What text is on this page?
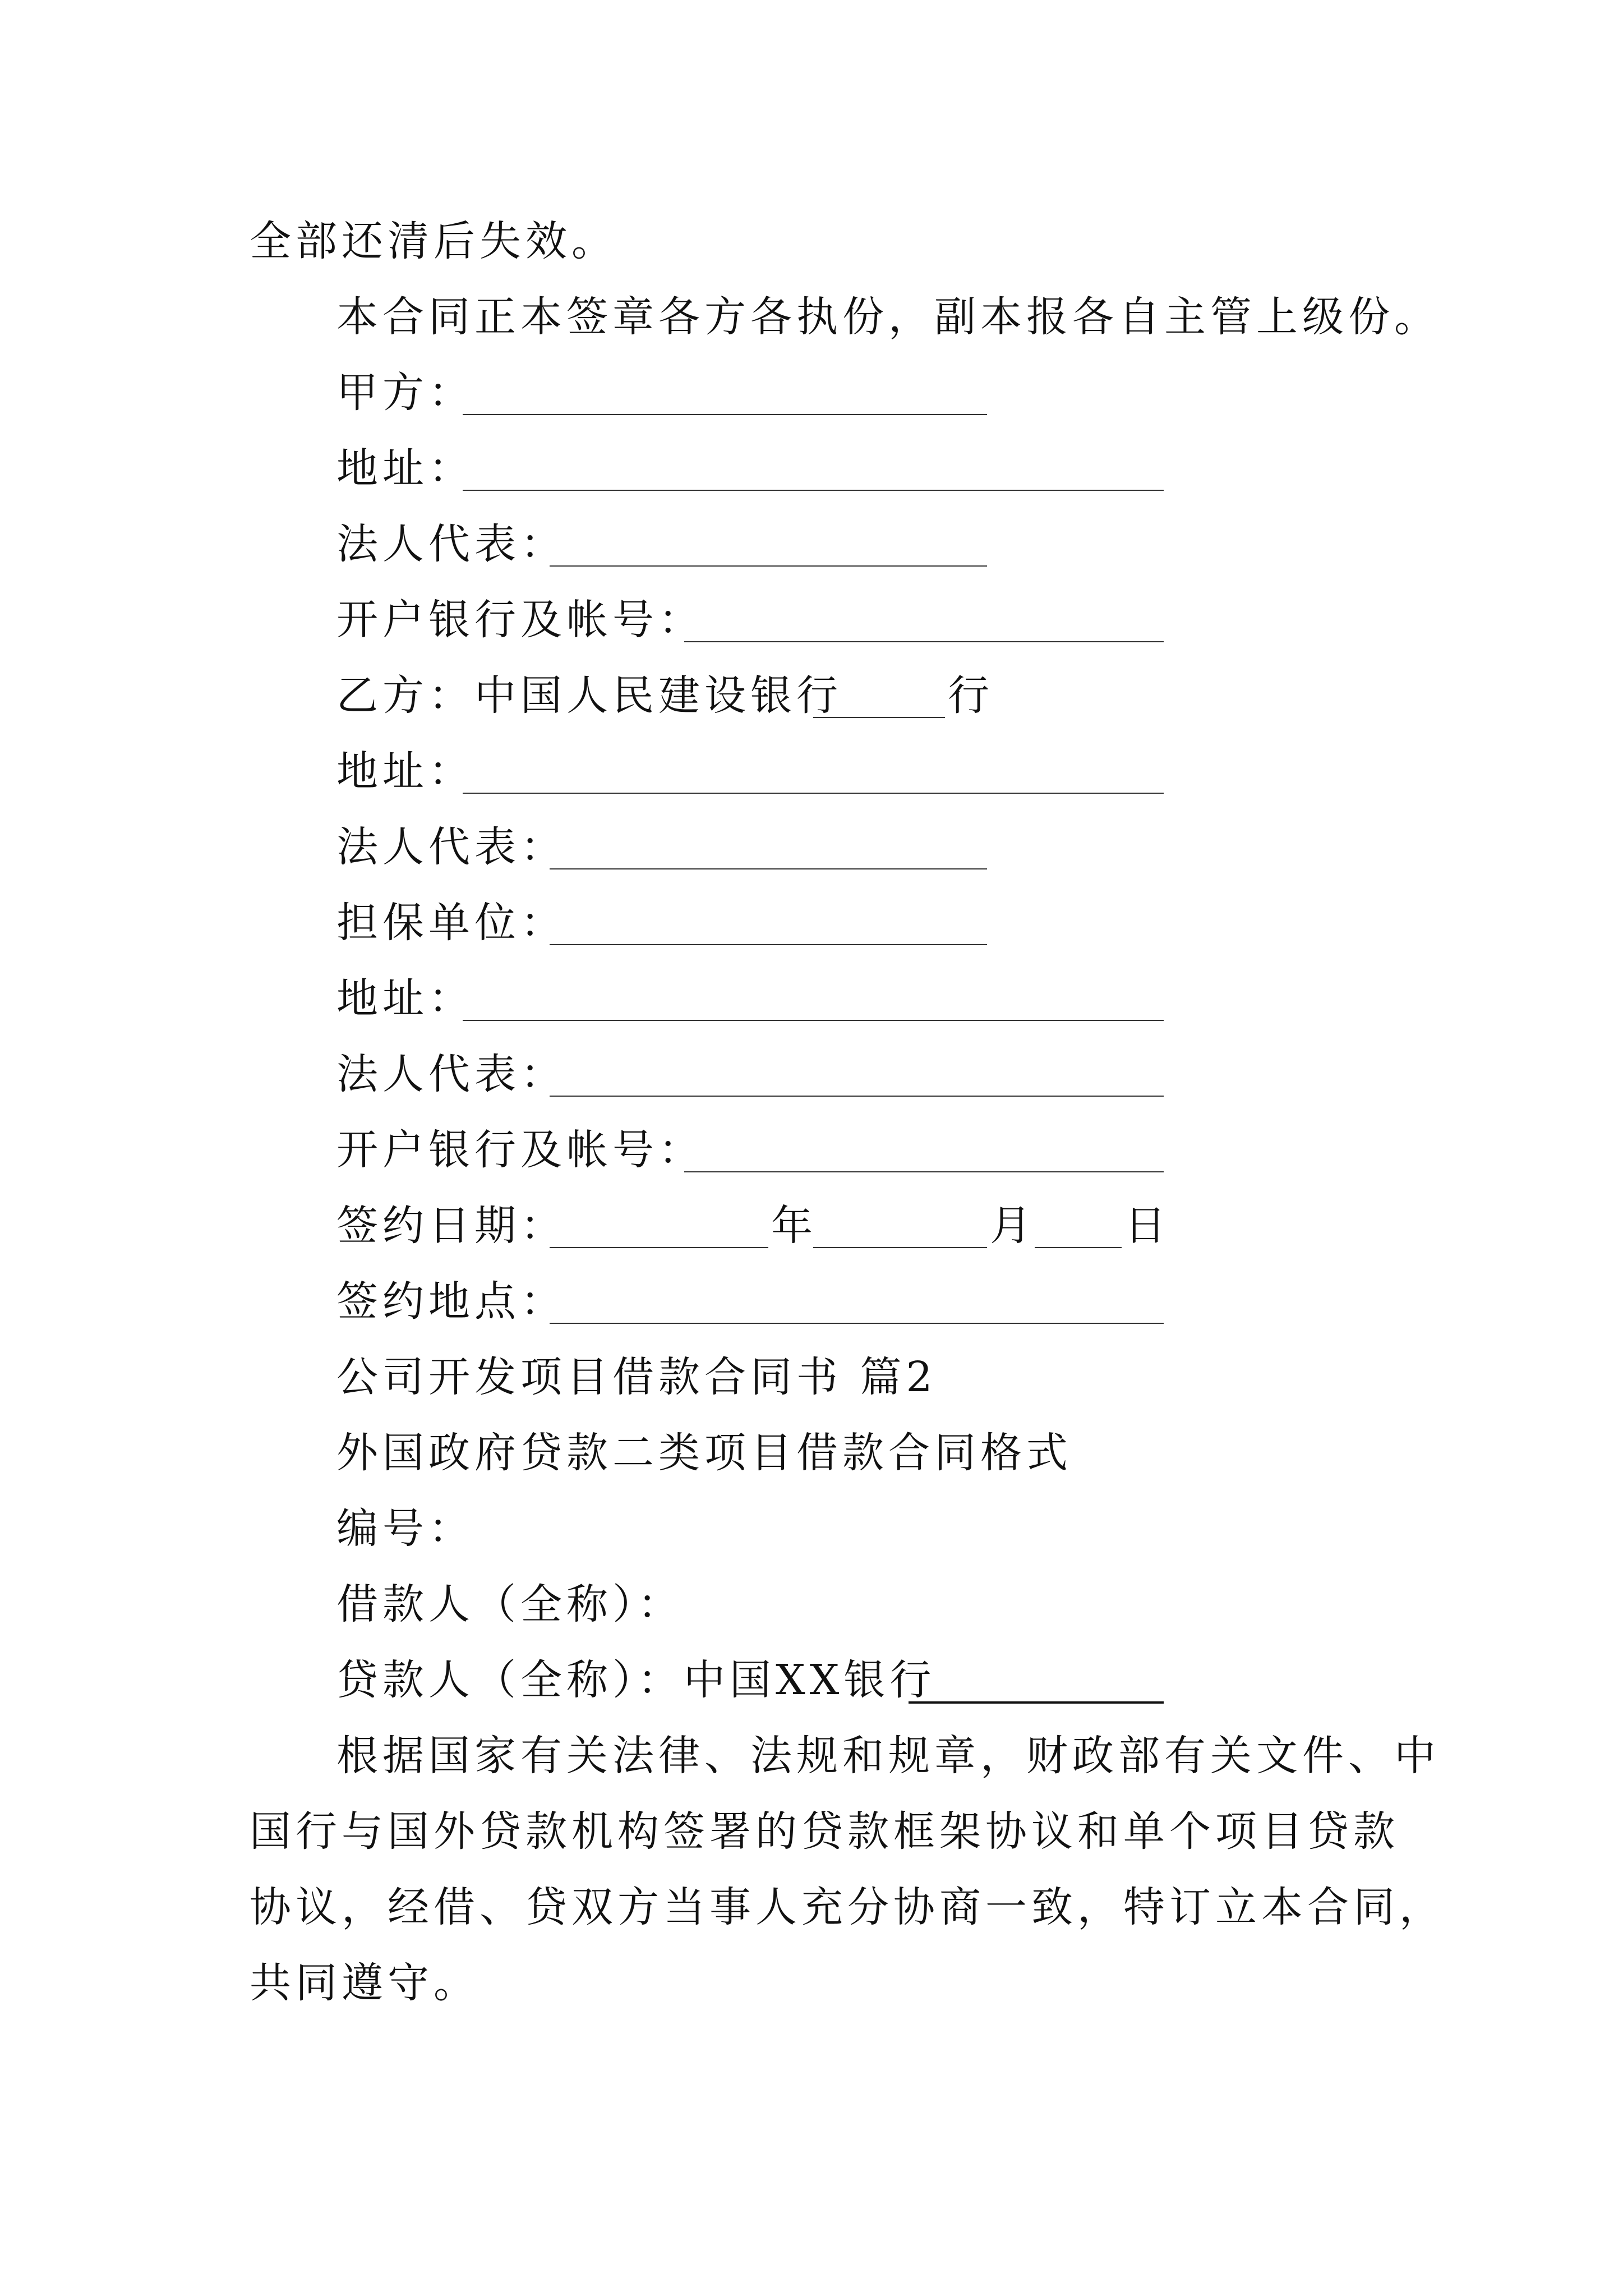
全部还清后失效。
本合同正本签章各方各执份，副本报各自主管上级份。
甲方：
地址：
法人代表：
开户银行及帐号：
乙方：中国人民建设银行	行
地址：
法人代表：
担保单位：
地址：
法人代表：
开户银行及帐号：
签约日期：	年	月 日
签约地点：
公司开发项目借款合同书 篇2
外国政府贷款二类项目借款合同格式
编号：
借款人（全称）：
贷款人（全称）：中国XX银行
根据国家有关法律、法规和规章，财政部有关文件、中
国行与国外贷款机构签署的贷款框架协议和单个项目贷款
协议，经借、贷双方当事人充分协商一致，特订立本合同，
共同遵守。
